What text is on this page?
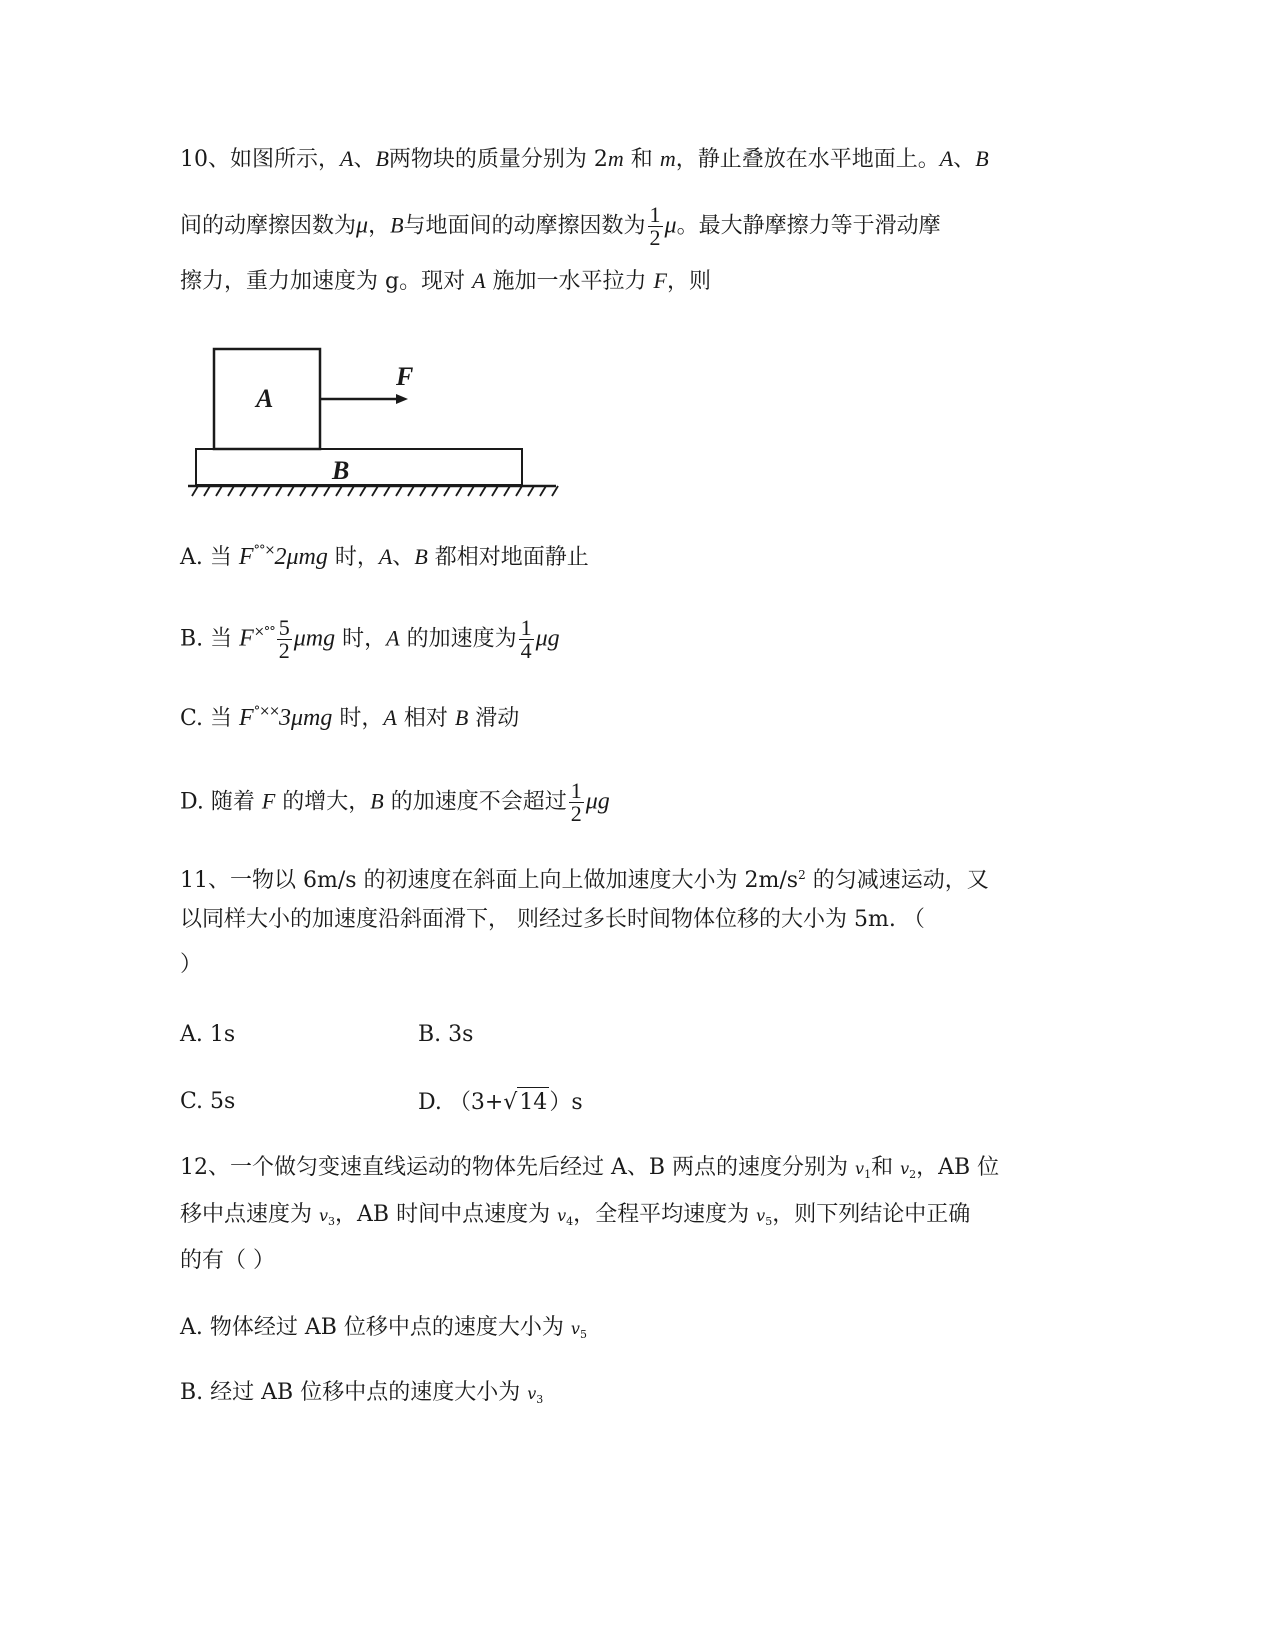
10、如图所示，A、B两物块的质量分别为 2m 和 m，静止叠放在水平地面上。A、B
间的动摩擦因数为μ，B与地面间的动摩擦因数为 $\frac{1}{2}$ μ。最大静摩擦力等于滑动摩
擦力，重力加速度为 g。现对 A 施加一水平拉力 F，则
A
F
B
A. 当 F°°×2μmg 时，A、B 都相对地面静止
B. 当 $F^{\times^\circ^\circ} \frac{5}{2}$ μmg 时，A 的加速度为 $\frac{1}{4}$ μg
C. 当 F°××3μmg 时，A 相对 B 滑动
D. 随着 F 的增大，B 的加速度不会超过 $\frac{1}{2}$ μg
11、一物以 6m/s 的初速度在斜面上向上做加速度大小为 $2m/s^2$ 的匀减速运动，又
以同样大小的加速度沿斜面滑下， 则经过多长时间物体位移的大小为 5m. （
）
A. 1s	B. 3s
C. 5s	D. （3+√14）s
12、一个做匀变速直线运动的物体先后经过 A、B 两点的速度分别为 $v_1$和 $v_2$，AB 位
移中点速度为 $v_3$，AB 时间中点速度为 $v_4$，全程平均速度为 $v_5$，则下列结论中正确
的有（ ）
A. 物体经过 AB 位移中点的速度大小为 $v_5$
B. 经过 AB 位移中点的速度大小为 $v_3$
